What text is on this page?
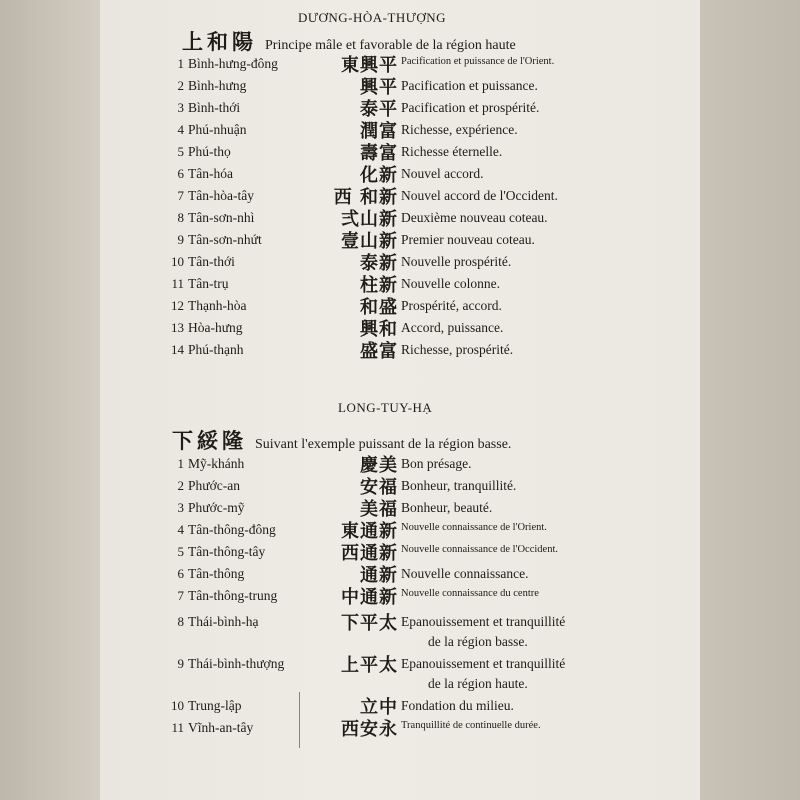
DƯƠNG-HÒA-THƯỢNG
上和陽 Principe mâle et favorable de la région haute
1 Bình-hưng-đông	東興平 Pacification et puissance de l'Orient.
2 Bình-hưng	興平 Pacification et puissance.
3 Bình-thới	泰平 Pacification et prospérité.
4 Phú-nhuận	潤富 Richesse, expérience.
5 Phú-thọ	壽富 Richesse éternelle.
6 Tân-hóa	化新 Nouvel accord.
7 Tân-hòa-tây	西 和新 Nouvel accord de l'Occident.
8 Tân-sơn-nhì	弍山新 Deuxième nouveau coteau.
9 Tân-sơn-nhứt	壹山新 Premier nouveau coteau.
10 Tân-thới	泰新 Nouvelle prospérité.
11 Tân-trụ	柱新 Nouvelle colonne.
12 Thạnh-hòa	和盛 Prospérité, accord.
13 Hòa-hưng	興和 Accord, puissance.
14 Phú-thạnh	盛富 Richesse, prospérité.
LONG-TUY-HẠ
下綏隆 Suivant l'exemple puissant de la région basse.
1 Mỹ-khánh	慶美 Bon présage.
2 Phước-an	安福 Bonheur, tranquillité.
3 Phước-mỹ	美福 Bonheur, beauté.
4 Tân-thông-đông	東通新 Nouvelle connaissance de l'Orient.
5 Tân-thông-tây	西通新 Nouvelle connaissance de l'Occident.
6 Tân-thông	通新 Nouvelle connaissance.
7 Tân-thông-trung	中通新 Nouvelle connaissance du centre
8 Thái-bình-hạ	下平太 Epanouissement et tranquillité
de la région basse.
9 Thái-bình-thượng	上平太 Epanouissement et tranquillité
de la région haute.
10 Trung-lập	立中 Fondation du milieu.
11 Vĩnh-an-tây	西安永 Tranquillité de continuelle durée.
